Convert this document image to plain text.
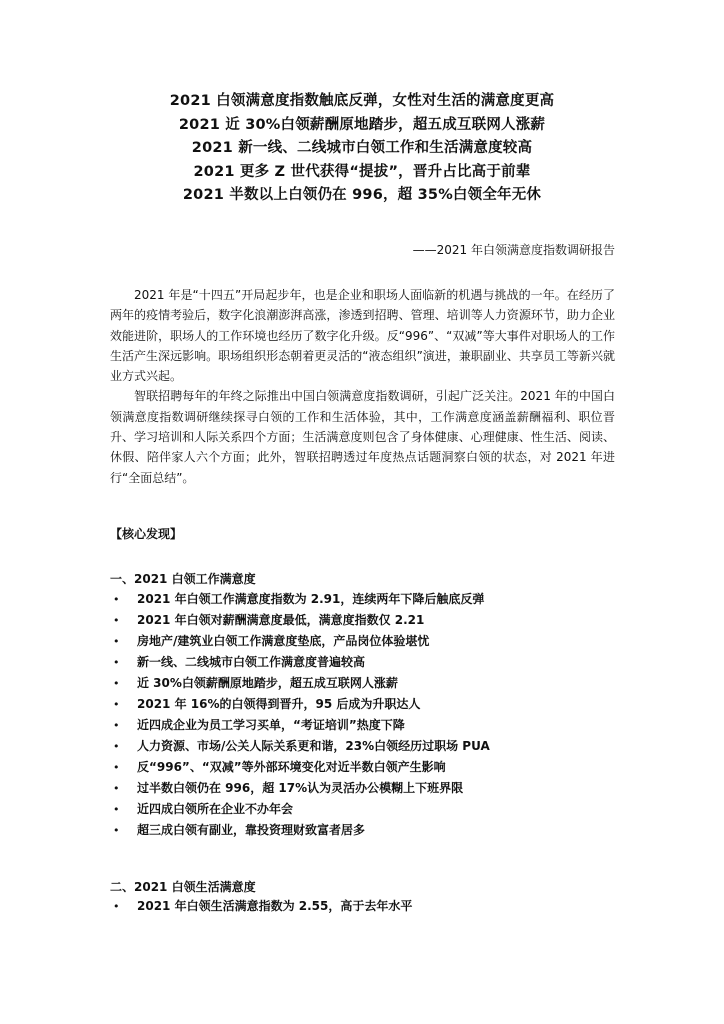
2021 白领满意度指数触底反弹，女性对生活的满意度更高

2021 近 30%白领薪酬原地踏步，超五成互联网人涨薪

2021 新一线、二线城市白领工作和生活满意度较高

2021 更多 Z 世代获得“提拔”，晋升占比高于前辈

2021 半数以上白领仍在 996，超 35%白领全年无休

——2021 年白领满意度指数调研报告

2021 年是“十四五”开局起步年，也是企业和职场人面临新的机遇与挑战的一年。在经历了两年的疫情考验后，数字化浪潮澎湃高涨，渗透到招聘、管理、培训等人力资源环节，助力企业效能进阶，职场人的工作环境也经历了数字化升级。反“996”、“双减”等大事件对职场人的工作生活产生深远影响。职场组织形态朝着更灵活的“液态组织”演进，兼职副业、共享员工等新兴就业方式兴起。

智联招聘每年的年终之际推出中国白领满意度指数调研，引起广泛关注。2021 年的中国白领满意度指数调研继续探寻白领的工作和生活体验，其中，工作满意度涵盖薪酬福利、职位晋升、学习培训和人际关系四个方面；生活满意度则包含了身体健康、心理健康、性生活、阅读、休假、陪伴家人六个方面；此外，智联招聘透过年度热点话题洞察白领的状态，对 2021 年进行“全面总结”。

【核心发现】
一、2021 白领工作满意度
• 2021 年白领工作满意度指数为 2.91，连续两年下降后触底反弹
• 2021 年白领对薪酬满意度最低，满意度指数仅 2.21
• 房地产/建筑业白领工作满意度垫底，产品岗位体验堪忧
• 新一线、二线城市白领工作满意度普遍较高
• 近 30%白领薪酬原地踏步，超五成互联网人涨薪
• 2021 年 16%的白领得到晋升，95 后成为升职达人
• 近四成企业为员工学习买单，“考证培训”热度下降
• 人力资源、市场/公关人际关系更和谐，23%白领经历过职场 PUA
• 反“996”、“双减”等外部环境变化对近半数白领产生影响
• 过半数白领仍在 996，超 17%认为灵活办公模糊上下班界限
• 近四成白领所在企业不办年会
• 超三成白领有副业，靠投资理财致富者居多
二、2021 白领生活满意度
• 2021 年白领生活满意指数为 2.55，高于去年水平
